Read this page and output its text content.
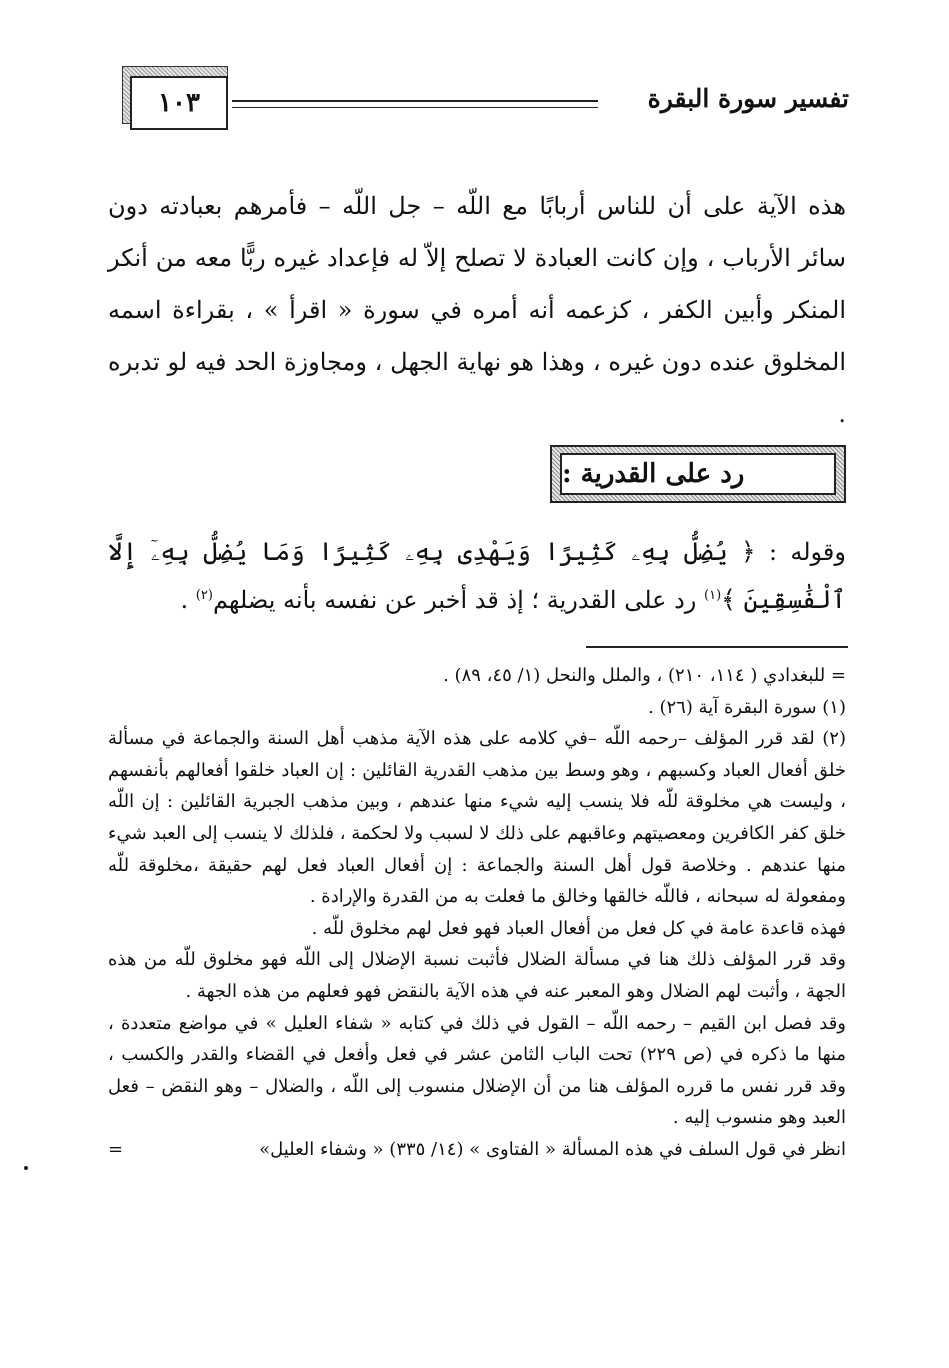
تفسير سورة البقرة
١٠٣

هذه الآية على أن للناس أربابًا مع اللّه – جل اللّه – فأمرهم بعبادته دون سائر الأرباب ، وإن كانت العبادة لا تصلح إلاّ له فإعداد غيره ربًّا معه من أنكر المنكر وأبين الكفر ، كزعمه أنه أمره في سورة « اقرأ » ، بقراءة اسمه المخلوق عنده دون غيره ، وهذا هو نهاية الجهل ، ومجاوزة الحد فيه لو تدبره .

رد على القدرية :

وقوله : ﴿ يُضِلُّ بِهِۦ كَثِيرًا وَيَهْدِى بِهِۦ كَثِيرًا وَمَا يُضِلُّ بِهِۦٓ إِلَّا ٱلْفَٰسِقِينَ ﴾$^{(١)}$ رد على القدرية ؛ إذ قد أخبر عن نفسه بأنه يضلهم$^{(٢)}$ .

= للبغدادي ( ١١٤، ٢١٠) ، والملل والنحل (١/ ٤٥، ٨٩) .

(١) سورة البقرة آية (٢٦) .

(٢) لقد قرر المؤلف –رحمه اللّه –في كلامه على هذه الآية مذهب أهل السنة والجماعة في مسألة خلق أفعال العباد وكسبهم ، وهو وسط بين مذهب القدرية القائلين : إن العباد خلقوا أفعالهم بأنفسهم ، وليست هي مخلوقة للّه فلا ينسب إليه شيء منها عندهم ، وبين مذهب الجبرية القائلين : إن اللّه خلق كفر الكافرين ومعصيتهم وعاقبهم على ذلك لا لسبب ولا لحكمة ، فلذلك لا ينسب إلى العبد شيء منها عندهم . وخلاصة قول أهل السنة والجماعة : إن أفعال العباد فعل لهم حقيقة ،مخلوقة للّه ومفعولة له سبحانه ، فاللّه خالقها وخالق ما فعلت به من القدرة والإرادة .

فهذه قاعدة عامة في كل فعل من أفعال العباد فهو فعل لهم مخلوق للّه .

وقد قرر المؤلف ذلك هنا في مسألة الضلال فأثبت نسبة الإضلال إلى اللّه فهو مخلوق للّه من هذه الجهة ، وأثبت لهم الضلال وهو المعبر عنه في هذه الآية بالنقض فهو فعلهم من هذه الجهة .

وقد فصل ابن القيم – رحمه اللّه – القول في ذلك في كتابه « شفاء العليل » في مواضع متعددة ، منها ما ذكره في (ص ٢٢٩) تحت الباب الثامن عشر في فعل وأفعل في القضاء والقدر والكسب ، وقد قرر نفس ما قرره المؤلف هنا من أن الإضلال منسوب إلى اللّه ، والضلال – وهو النقض – فعل العبد وهو منسوب إليه .

انظر في قول السلف في هذه المسألة « الفتاوى » (١٤/ ٣٣٥) « وشفاء العليل»
=
